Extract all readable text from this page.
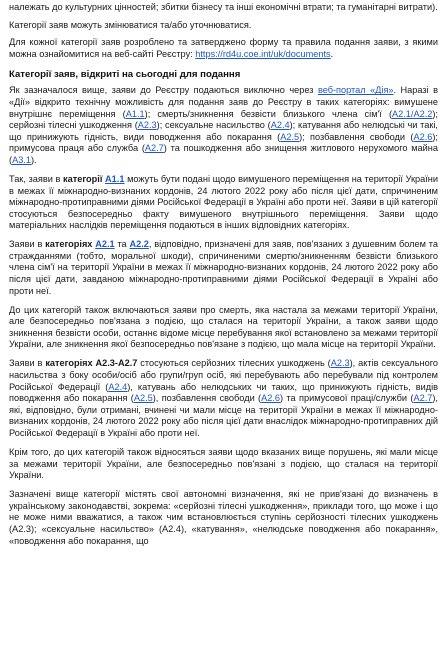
належать до культурних цінностей; збитки бізнесу та інші економічні втрати; та гуманітарні витрати).

Категорії заяв можуть змінюватися та/або уточнюватися.

Для кожної категорії заяв розроблено та затверджено форму та правила подання заяви, з якими можна ознайомитися на веб-сайті Реєстру: https://rd4u.coe.int/uk/documents.

Категорії заяв, відкриті на сьогодні для подання

Як зазначалося вище, заяви до Реєстру подаються виключно через веб-портал «Дія». Наразі в «Дії» відкрито технічну можливість для подання заяв до Реєстру в таких категоріях: вимушене внутрішнє переміщення (A1.1); смерть/зникнення безвісти близького члена сім'ї (A2.1/A2.2); серйозні тілесні ушкодження (A2.3); сексуальне насильство (A2.4); катування або нелюдські чи такі, що принижують гідність, види поводження або покарання (A2.5); позбавлення свободи (A2.6); примусова праця або служба (A2.7) та пошкодження або знищення житлового нерухомого майна (A3.1).

Так, заяви в категорії A1.1 можуть бути подані щодо вимушеного переміщення на території України в межах її міжнародно-визнаних кордонів, 24 лютого 2022 року або після цієї дати, спричиненим міжнародно-протиправними діями Російської Федерації в Україні або проти неї. Заяви в цій категорії стосуються безпосередньо факту вимушеного внутрішнього переміщення. Заяви щодо матеріальних наслідків переміщення подаються в інших відповідних категоріях.

Заяви в категоріях A2.1 та A2.2, відповідно, призначені для заяв, пов'язаних з душевним болем та стражданнями (тобто, моральної шкоди), спричиненими смертю/зникненням безвісти близького члена сім'ї на території України в межах її міжнародно-визнаних кордонів, 24 лютого 2022 року або після цієї дати, завданою міжнародно-протиправними діями Російської Федерації в Україні або проти неї.

До цих категорій також включаються заяви про смерть, яка настала за межами території України, але безпосередньо пов'язана з подією, що сталася на території України, а також заяви щодо зникнення безвісти особи, останнє відоме місце перебування якої встановлено за межами території України, але зникнення якої безпосередньо пов'язане з подією, що мала місце на території України.

Заяви в категоріях A2.3-A2.7 стосуються серйозних тілесних ушкоджень (A2.3), актів сексуального насильства з боку особи/осіб або групи/груп осіб, які перебувають або перебували під контролем Російської Федерації (A2.4), катувань або нелюдських чи таких, що принижують гідність, видів поводження або покарання (A2.5), позбавлення свободи (A2.6) та примусової праці/служби (A2.7), які, відповідно, були отримані, вчинені чи мали місце на території України в межах її міжнародно-визнаних кордонів, 24 лютого 2022 року або після цієї дати внаслідок міжнародно-протиправних дій Російської Федерації в Україні або проти неї.

Крім того, до цих категорій також відносяться заяви щодо вказаних вище порушень, які мали місце за межами території України, але безпосередньо пов'язані з подією, що сталася на території України.

Зазначені вище категорії містять свої автономні визначення, які не прив'язані до визначень в українському законодавстві, зокрема: «серйозні тілесні ушкодження», приклади того, що може і що не може ними вважатися, а також чим встановлюється ступінь серйозності тілесних ушкоджень (A2.3); «сексуальне насильство» (A2.4), «катування», «нелюдське поводження або покарання», «поводження або покарання, що
